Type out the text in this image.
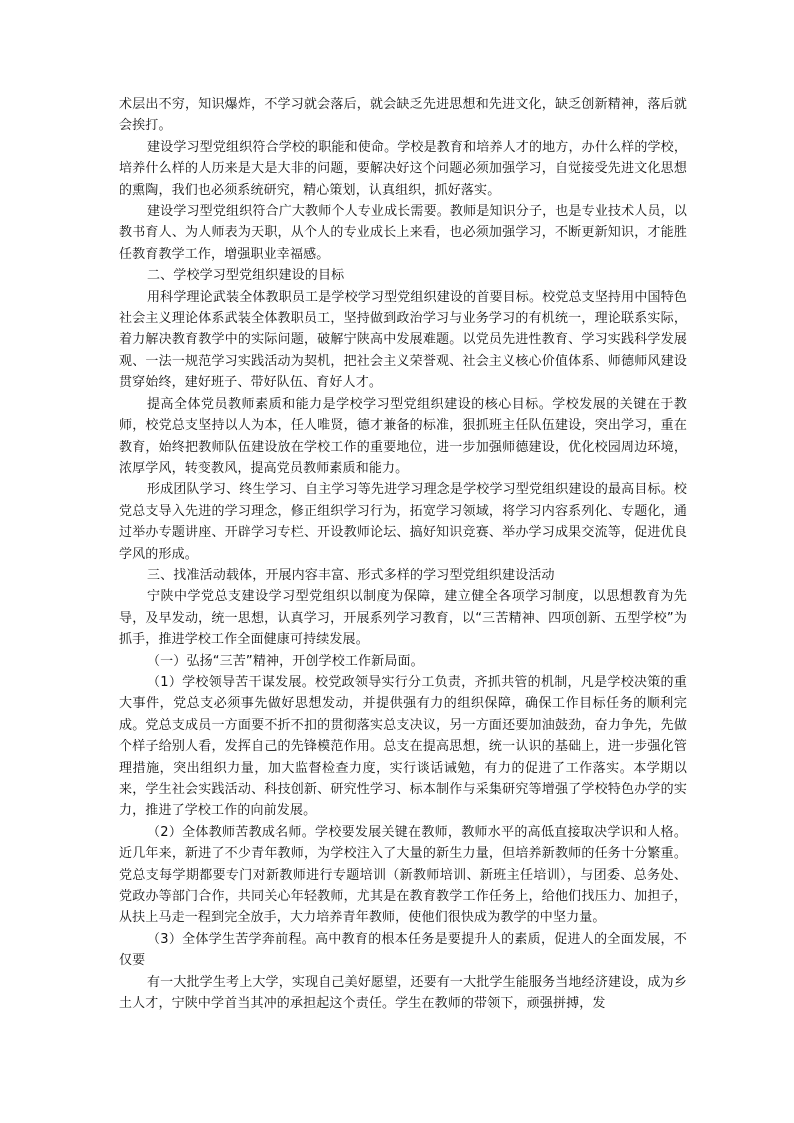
术层出不穷，知识爆炸，不学习就会落后，就会缺乏先进思想和先进文化，缺乏创新精神，落后就会挨打。

建设学习型党组织符合学校的职能和使命。学校是教育和培养人才的地方，办什么样的学校，培养什么样的人历来是大是大非的问题，要解决好这个问题必须加强学习，自觉接受先进文化思想的熏陶，我们也必须系统研究，精心策划，认真组织，抓好落实。

建设学习型党组织符合广大教师个人专业成长需要。教师是知识分子，也是专业技术人员，以教书育人、为人师表为天职，从个人的专业成长上来看，也必须加强学习，不断更新知识，才能胜任教育教学工作，增强职业幸福感。

二、学校学习型党组织建设的目标

用科学理论武装全体教职员工是学校学习型党组织建设的首要目标。校党总支坚持用中国特色社会主义理论体系武装全体教职员工，坚持做到政治学习与业务学习的有机统一，理论联系实际，着力解决教育教学中的实际问题，破解宁陕高中发展难题。以党员先进性教育、学习实践科学发展观、一法一规范学习实践活动为契机，把社会主义荣誉观、社会主义核心价值体系、师德师风建设贯穿始终，建好班子、带好队伍、育好人才。

提高全体党员教师素质和能力是学校学习型党组织建设的核心目标。学校发展的关键在于教师，校党总支坚持以人为本，任人唯贤，德才兼备的标准，狠抓班主任队伍建设，突出学习，重在教育，始终把教师队伍建设放在学校工作的重要地位，进一步加强师德建设，优化校园周边环境，浓厚学风，转变教风，提高党员教师素质和能力。

形成团队学习、终生学习、自主学习等先进学习理念是学校学习型党组织建设的最高目标。校党总支导入先进的学习理念，修正组织学习行为，拓宽学习领域，将学习内容系列化、专题化，通过举办专题讲座、开辟学习专栏、开设教师论坛、搞好知识竞赛、举办学习成果交流等，促进优良学风的形成。

三、找准活动载体，开展内容丰富、形式多样的学习型党组织建设活动

宁陕中学党总支建设学习型党组织以制度为保障，建立健全各项学习制度，以思想教育为先导，及早发动，统一思想，认真学习，开展系列学习教育，以“三苦精神、四项创新、五型学校”为抓手，推进学校工作全面健康可持续发展。

（一）弘扬“三苦”精神，开创学校工作新局面。

（1）学校领导苦干谋发展。校党政领导实行分工负责，齐抓共管的机制，凡是学校决策的重大事件，党总支必须事先做好思想发动，并提供强有力的组织保障，确保工作目标任务的顺利完成。党总支成员一方面要不折不扣的贯彻落实总支决议，另一方面还要加油鼓劲，奋力争先，先做个样子给别人看，发挥自己的先锋模范作用。总支在提高思想，统一认识的基础上，进一步强化管理措施，突出组织力量，加大监督检查力度，实行谈话诫勉，有力的促进了工作落实。本学期以来，学生社会实践活动、科技创新、研究性学习、标本制作与采集研究等增强了学校特色办学的实力，推进了学校工作的向前发展。

（2）全体教师苦教成名师。学校要发展关键在教师，教师水平的高低直接取决学识和人格。近几年来，新进了不少青年教师，为学校注入了大量的新生力量，但培养新教师的任务十分繁重。党总支每学期都要专门对新教师进行专题培训（新教师培训、新班主任培训），与团委、总务处、党政办等部门合作，共同关心年轻教师，尤其是在教育教学工作任务上，给他们找压力、加担子，从扶上马走一程到完全放手，大力培养青年教师，使他们很快成为教学的中坚力量。

（3）全体学生苦学奔前程。高中教育的根本任务是要提升人的素质，促进人的全面发展，不仅要

有一大批学生考上大学，实现自己美好愿望，还要有一大批学生能服务当地经济建设，成为乡土人才，宁陕中学首当其冲的承担起这个责任。学生在教师的带领下，顽强拼搏，发
